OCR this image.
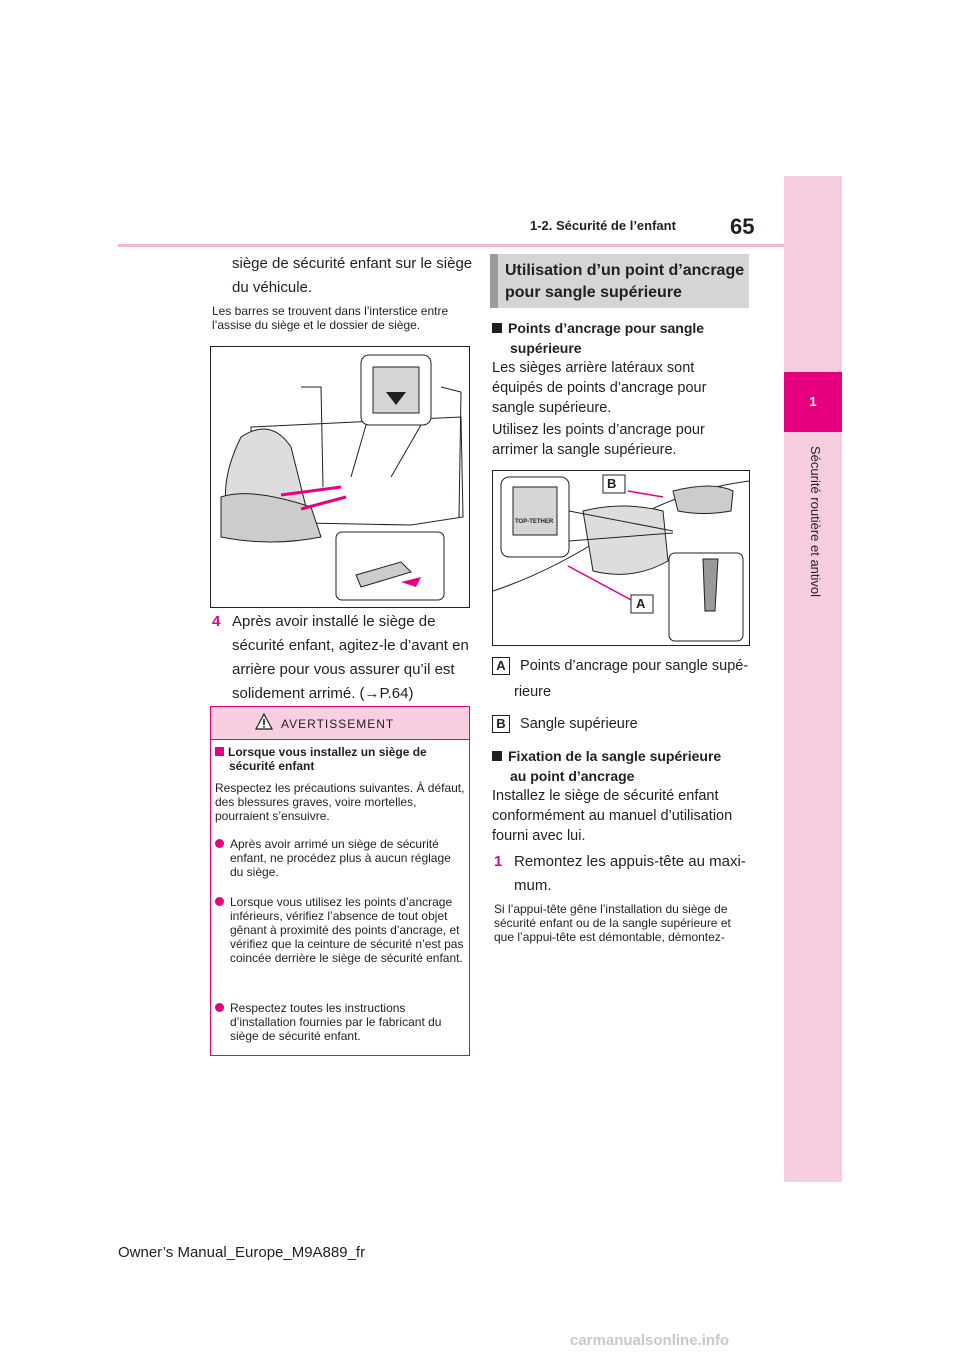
1
Sécurité routière et antivol
1-2. Sécurité de l’enfant 65
siège de sécurité enfant sur le siège
du véhicule.
Les barres se trouvent dans l’interstice entre l’assise du siège et le dossier de siège.
4 Après avoir installé le siège de
sécurité enfant, agitez-le d’avant en
arrière pour vous assurer qu’il est
solidement arrimé. (→P.64)
AVERTISSEMENT
Lorsque vous installez un siège de
sécurité enfant
Respectez les précautions suivantes. À défaut, des blessures graves, voire mortelles, pourraient s’ensuivre.
Après avoir arrimé un siège de sécurité enfant, ne procédez plus à aucun réglage du siège.
Lorsque vous utilisez les points d’ancrage inférieurs, vérifiez l’absence de tout objet gênant à proximité des points d’ancrage, et vérifiez que la ceinture de sécurité n’est pas coincée derrière le siège de sécurité enfant.
Respectez toutes les instructions d’installation fournies par le fabricant du siège de sécurité enfant.
Utilisation d’un point d’ancrage pour sangle supérieure
Points d’ancrage pour sangle
supérieure
Les sièges arrière latéraux sont équipés de points d’ancrage pour sangle supérieure.
Utilisez les points d’ancrage pour arrimer la sangle supérieure.
B
A
TOP-TETHER
A Points d’ancrage pour sangle supé-
rieure
B Sangle supérieure
Fixation de la sangle supérieure
au point d’ancrage
Installez le siège de sécurité enfant conformément au manuel d’utilisation fourni avec lui.
1 Remontez les appuis-tête au maxi-
mum.
Si l’appui-tête gêne l’installation du siège de sécurité enfant ou de la sangle supérieure et que l’appui-tête est démontable, démontez-
Owner’s Manual_Europe_M9A889_fr
carmanualsonline.info
